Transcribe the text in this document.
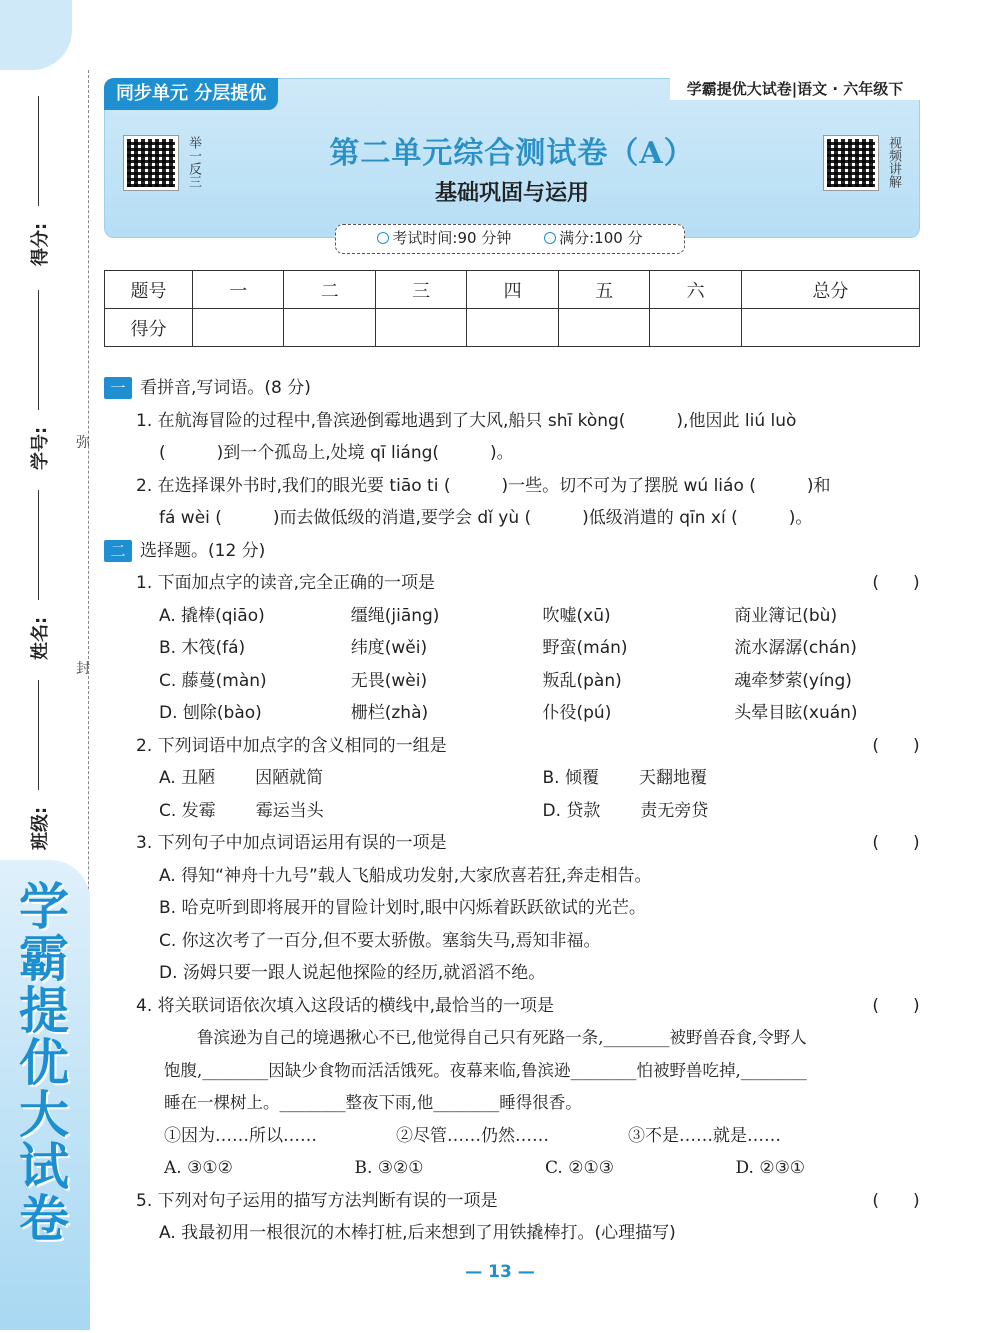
得分:
学号:
姓名:
班级:
弥
封
学霸提优大试卷
同步单元 分层提优	学霸提优大试卷|语文 · 六年级下
举一反三	视频讲解
第二单元综合测试卷（A）
基础巩固与运用
考试时间:90 分钟	满分:100 分
题号	一	二	三	四	五	六	总分
得分							
一 看拼音,写词语。(8 分)
1. 在航海冒险的过程中,鲁滨逊倒霉地遇到了大风,船只 shī kòng(　　　),他因此 liú luò
(　　　)到一个孤岛上,处境 qī liáng(　　　)。
2. 在选择课外书时,我们的眼光要 tiāo ti (　　　)一些。切不可为了摆脱 wú liáo (　　　)和
fá wèi (　　　)而去做低级的消遣,要学会 dǐ yù (　　　)低级消遣的 qīn xí (　　　)。
二 选择题。(12 分)
1. 下面加点字的读音,完全正确的一项是	(　　)
A. 撬棒(qiāo)	缰绳(jiāng)	吹嘘(xū)	商业簿记(bù)
B. 木筏(fá)	纬度(wěi)	野蛮(mán)	流水潺潺(chán)
C. 藤蔓(màn)	无畏(wèi)	叛乱(pàn)	魂牵梦萦(yíng)
D. 刨除(bào)	栅栏(zhà)	仆役(pú)	头晕目眩(xuán)
2. 下列词语中加点字的含义相同的一组是	(　　)
A. 丑陋 因陋就简	B. 倾覆 天翻地覆
C. 发霉 霉运当头	D. 贷款 责无旁贷
3. 下列句子中加点词语运用有误的一项是	(　　)
A. 得知“神舟十九号”载人飞船成功发射,大家欣喜若狂,奔走相告。
B. 哈克听到即将展开的冒险计划时,眼中闪烁着跃跃欲试的光芒。
C. 你这次考了一百分,但不要太骄傲。塞翁失马,焉知非福。
D. 汤姆只要一跟人说起他探险的经历,就滔滔不绝。
4. 将关联词语依次填入这段话的横线中,最恰当的一项是	(　　)
鲁滨逊为自己的境遇揪心不已,他觉得自己只有死路一条,________被野兽吞食,令野人
饱腹,________因缺少食物而活活饿死。夜幕来临,鲁滨逊________怕被野兽吃掉,________
睡在一棵树上。________整夜下雨,他________睡得很香。
①因为……所以……	②尽管……仍然……	③不是……就是……
A. ③①②	B. ③②①	C. ②①③	D. ②③①
5. 下列对句子运用的描写方法判断有误的一项是	(　　)
A. 我最初用一根很沉的木棒打桩,后来想到了用铁撬棒打。(心理描写)
— 13 —
